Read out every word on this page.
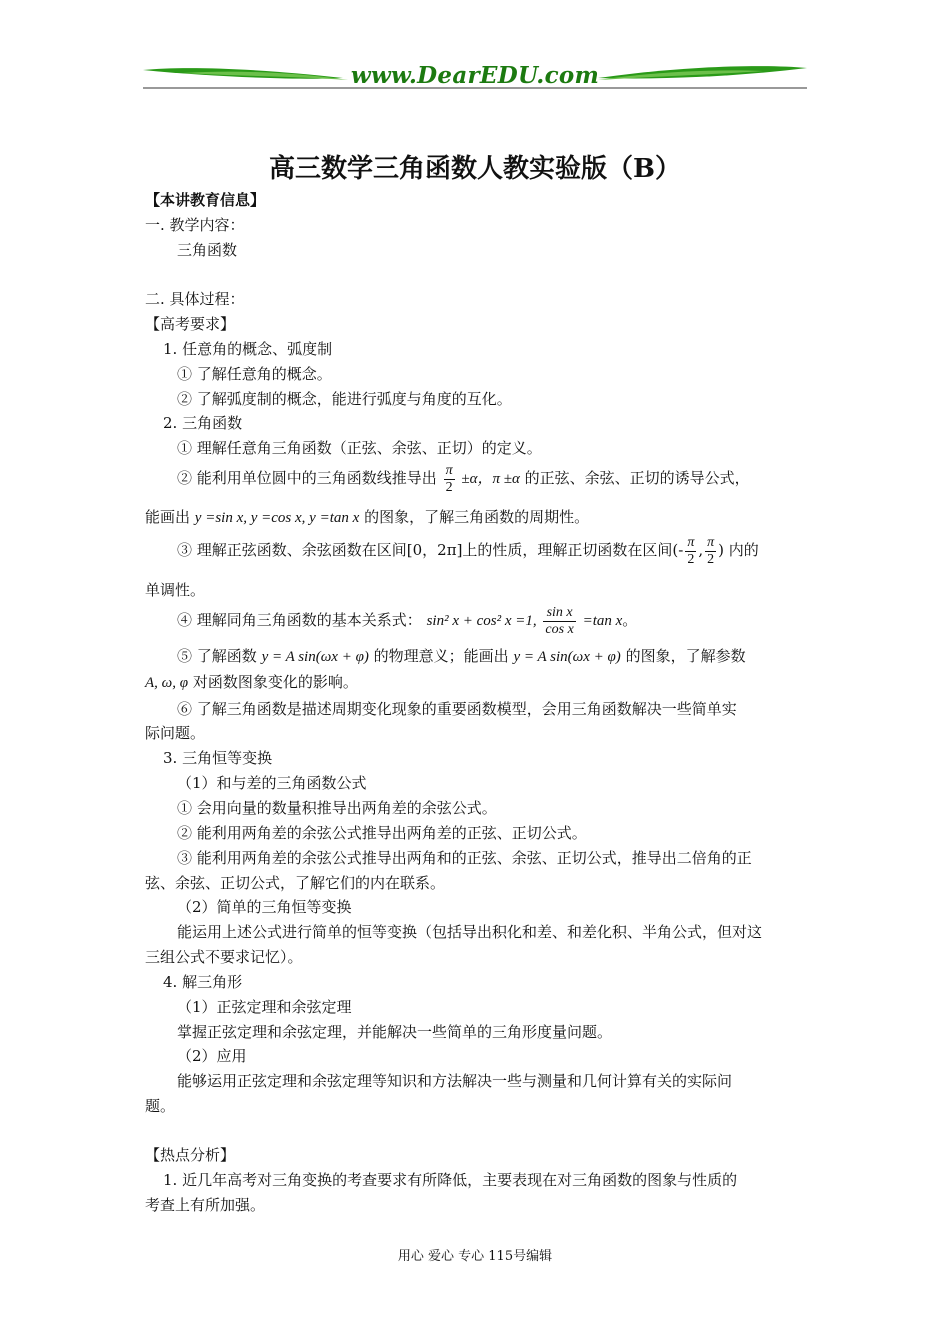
www.DearEDU.com
高三数学三角函数人教实验版（B）
【本讲教育信息】
一. 教学内容：
三角函数
二. 具体过程：
【高考要求】
1. 任意角的概念、弧度制
① 了解任意角的概念。
② 了解弧度制的概念，能进行弧度与角度的互化。
2. 三角函数
① 理解任意角三角函数（正弦、余弦、正切）的定义。
② 能利用单位圆中的三角函数线推导出 $\frac{\pi}{2} \pm\alpha$，π ±α 的正弦、余弦、正切的诱导公式，
能画出 y =sin x, y =cos x, y =tan x 的图象，了解三角函数的周期性。
③ 理解正弦函数、余弦函数在区间[0，2π]上的性质，理解正切函数在区间(- $\frac{\pi}{2}$ , $\frac{\pi}{2}$ ) 内的
单调性。
④ 理解同角三角函数的基本关系式： sin² x + cos² x =1, $\frac{\text{sin x}}{\text{cos x}} =\tan$ x。
⑤ 了解函数 y = A sin(ωx + φ) 的物理意义；能画出 y = A sin(ωx + φ) 的图象，了解参数
A, ω, φ 对函数图象变化的影响。
⑥ 了解三角函数是描述周期变化现象的重要函数模型，会用三角函数解决一些简单实
际问题。
3. 三角恒等变换
（1）和与差的三角函数公式
① 会用向量的数量积推导出两角差的余弦公式。
② 能利用两角差的余弦公式推导出两角差的正弦、正切公式。
③ 能利用两角差的余弦公式推导出两角和的正弦、余弦、正切公式，推导出二倍角的正
弦、余弦、正切公式，了解它们的内在联系。
（2）简单的三角恒等变换
能运用上述公式进行简单的恒等变换（包括导出积化和差、和差化积、半角公式，但对这
三组公式不要求记忆）。
4. 解三角形
（1）正弦定理和余弦定理
掌握正弦定理和余弦定理，并能解决一些简单的三角形度量问题。
（2）应用
能够运用正弦定理和余弦定理等知识和方法解决一些与测量和几何计算有关的实际问
题。
【热点分析】
1. 近几年高考对三角变换的考查要求有所降低，主要表现在对三角函数的图象与性质的
考查上有所加强。
用心 爱心 专心 115号编辑
